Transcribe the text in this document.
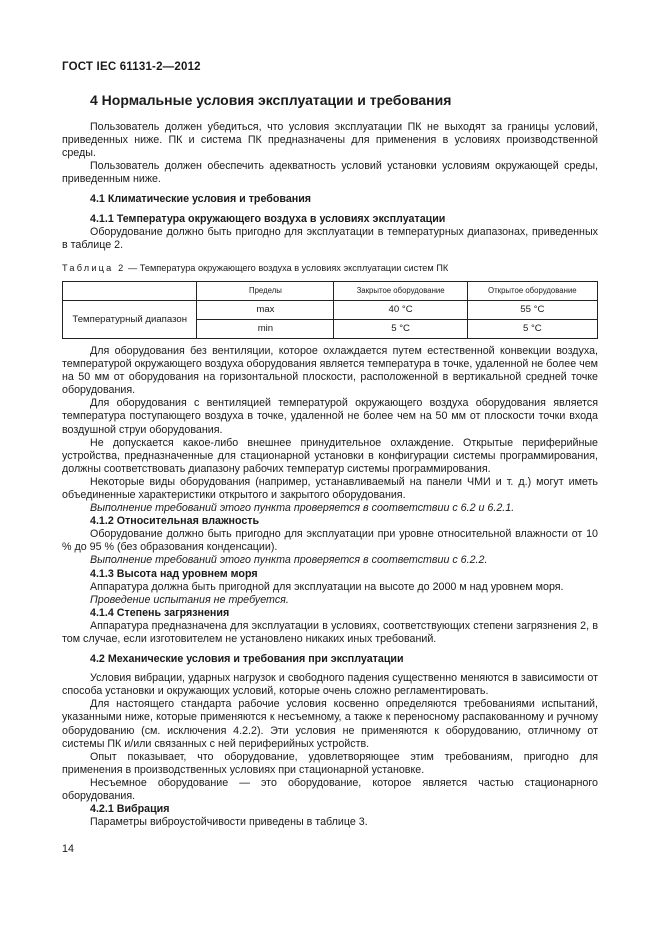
ГОСТ IEC 61131-2—2012
4 Нормальные условия эксплуатации и требования

Пользователь должен убедиться, что условия эксплуатации ПК не выходят за границы условий, приведенных ниже. ПК и система ПК предназначены для применения в условиях производственной среды.

Пользователь должен обеспечить адекватность условий установки условиям окружающей среды, приведенным ниже.

4.1 Климатические условия и требования

4.1.1 Температура окружающего воздуха в условиях эксплуатации

Оборудование должно быть пригодно для эксплуатации в температурных диапазонах, приведенных в таблице 2.

Таблица 2 — Температура окружающего воздуха в условиях эксплуатации систем ПК
	Пределы	Закрытое оборудование	Открытое оборудование
Температурный диапазон	max	40 °С	55 °С
	min	5 °С	5 °С

Для оборудования без вентиляции, которое охлаждается путем естественной конвекции воздуха, температурой окружающего воздуха оборудования является температура в точке, удаленной не более чем на 50 мм от оборудования на горизонтальной плоскости, расположенной в вертикальной средней точке оборудования.

Для оборудования с вентиляцией температурой окружающего воздуха оборудования является температура поступающего воздуха в точке, удаленной не более чем на 50 мм от плоскости точки входа воздушной струи оборудования.

Не допускается какое-либо внешнее принудительное охлаждение. Открытые периферийные устройства, предназначенные для стационарной установки в конфигурации системы программирования, должны соответствовать диапазону рабочих температур системы программирования.

Некоторые виды оборудования (например, устанавливаемый на панели ЧМИ и т. д.) могут иметь объединенные характеристики открытого и закрытого оборудования.

Выполнение требований этого пункта проверяется в соответствии с 6.2 и 6.2.1.

4.1.2 Относительная влажность

Оборудование должно быть пригодно для эксплуатации при уровне относительной влажности от 10 % до 95 % (без образования конденсации).

Выполнение требований этого пункта проверяется в соответствии с 6.2.2.

4.1.3 Высота над уровнем моря

Аппаратура должна быть пригодной для эксплуатации на высоте до 2000 м над уровнем моря.

Проведение испытания не требуется.

4.1.4 Степень загрязнения

Аппаратура предназначена для эксплуатации в условиях, соответствующих степени загрязнения 2, в том случае, если изготовителем не установлено никаких иных требований.

4.2 Механические условия и требования при эксплуатации

Условия вибрации, ударных нагрузок и свободного падения существенно меняются в зависимости от способа установки и окружающих условий, которые очень сложно регламентировать.

Для настоящего стандарта рабочие условия косвенно определяются требованиями испытаний, указанными ниже, которые применяются к несъемному, а также к переносному распакованному и ручному оборудованию (см. исключения 4.2.2). Эти условия не применяются к оборудованию, отличному от системы ПК и/или связанных с ней периферийных устройств.

Опыт показывает, что оборудование, удовлетворяющее этим требованиям, пригодно для применения в производственных условиях при стационарной установке.

Несъемное оборудование — это оборудование, которое является частью стационарного оборудования.

4.2.1 Вибрация

Параметры виброустойчивости приведены в таблице 3.

14
